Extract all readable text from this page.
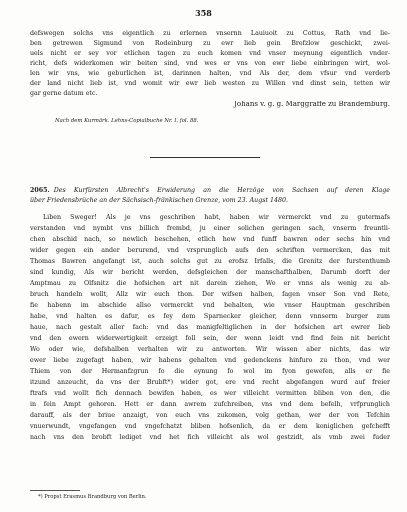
358
defswegen solchs vns eigentlich zu erlernen vnsernn Lauiuoit zu Cottus, Rath vnd lie-
ben getrewen Sigmund von Rodeinburg zu ewr lieb gein Brefzlow geschickt, zwei-
uels nicht er sey vor etlichen tagen zu euch komen vnd vnser meynung eigentlich vnder-
richt, defs widerkomen wir beiten sind, vnd wes er vns von ewr liebe einbringen wirt, wol-
len wir vns, wie geburlichen ist, darinnen halten, vnd Als der, dem vfsur vnd verderb
der land nicht lieb ist, vnd womit wir ewr lieb westen zu Willen vnd dinst sein, tetten wir
gar gerne datum etc.
Johans v. g. g. Marggraffe zu Brandemburg.
Nach dem Kurmärk. Lehns-Copialbuche Nr. I. fol. 88.
2065. Des Kurfürsten Albrecht's Erwiderung an die Herzöge von Sachsen auf deren Klage
über Friedensbrüche an der Sächsisch-fränkischen Grenze, vom 23. Augst 1480.
Liben Sweger! Als je vns geschriben habt, haben wir vermerckt vnd zu gutermafs
verstanden vnd nymbt vns billich frembd, ju einer solichen geringen sach, vnserm freuntli-
chen abschid nach, so newlich beschehen, etlich hew vnd funff bawren oder sechs hin vnd
wider gegen ein ander berurend, vnd vrsprunglich aufs den schriften vermercken, das mit
Thomas Bawren angefangt ist, auch solchs gut zu erofsz Irfalls, die Grenitz der furstenthumb
sind kundig, Als wir bericht werden, defsgleichen der manschafthalben, Darumb dorft der
Amptmau zu Olfsnitz die hofsichen art nit darein ziehen, Wo er vnns als wenig zu ab-
bruch handeln wollt, Allz wir euch thon. Der wifsen halben, fagen vnser Son vnd Rete,
fie habenn im abschide allso vermerckt vnd behalten, wie vnser Hauptman geschriben
habe, vnd halten es dafur, es fey dem Sparnecker gleicher, denn vnnserm burger zum
haue, nach gestalt aller fach: vnd das manigfeltiglichen in der hofsichen art ewrer lieb
vnd den ewern widerwertigkeit erzeigt foll sein, der wenn leidt vnd find fein nit bericht
Wo oder wie, defshalben verhalten wir zu antworten. Wir wissen aber nichts, das wir
ewer liebe zugefagt haben, wir habens gehalten vnd gedenckens hinfuro zu thon, vnd wer
Thiem von der Hermanfzgrun fo die eynung fo wol im fyon gewefen, alls er fie
itzund anzeucht, da vns der Brubft*) wider got, ere vnd recht abgefangen wurd auf freier
ftrafs vnd wollt fich dennach bewifen haben, es wer villeicht vermitten bliben von den, die
in fein Ampt gehoren. Hett er dann awrem zufchreiben, vns vnd dem befelh, vrfprunglich
darauff, als der briue anzaigt, von euch vns zukomen, volg gethan, wer der von Tefchin
vnuerwundt, vngefangen vnd vngefchatzt bliben hofsenlich, da er dem koniglichen gefchefft
nach vns den brobft lediget vnd het fich villeicht als wol gestzidt, als vmb zwei fuder
*) Propst Erasmus Brandburg von Berlin.
